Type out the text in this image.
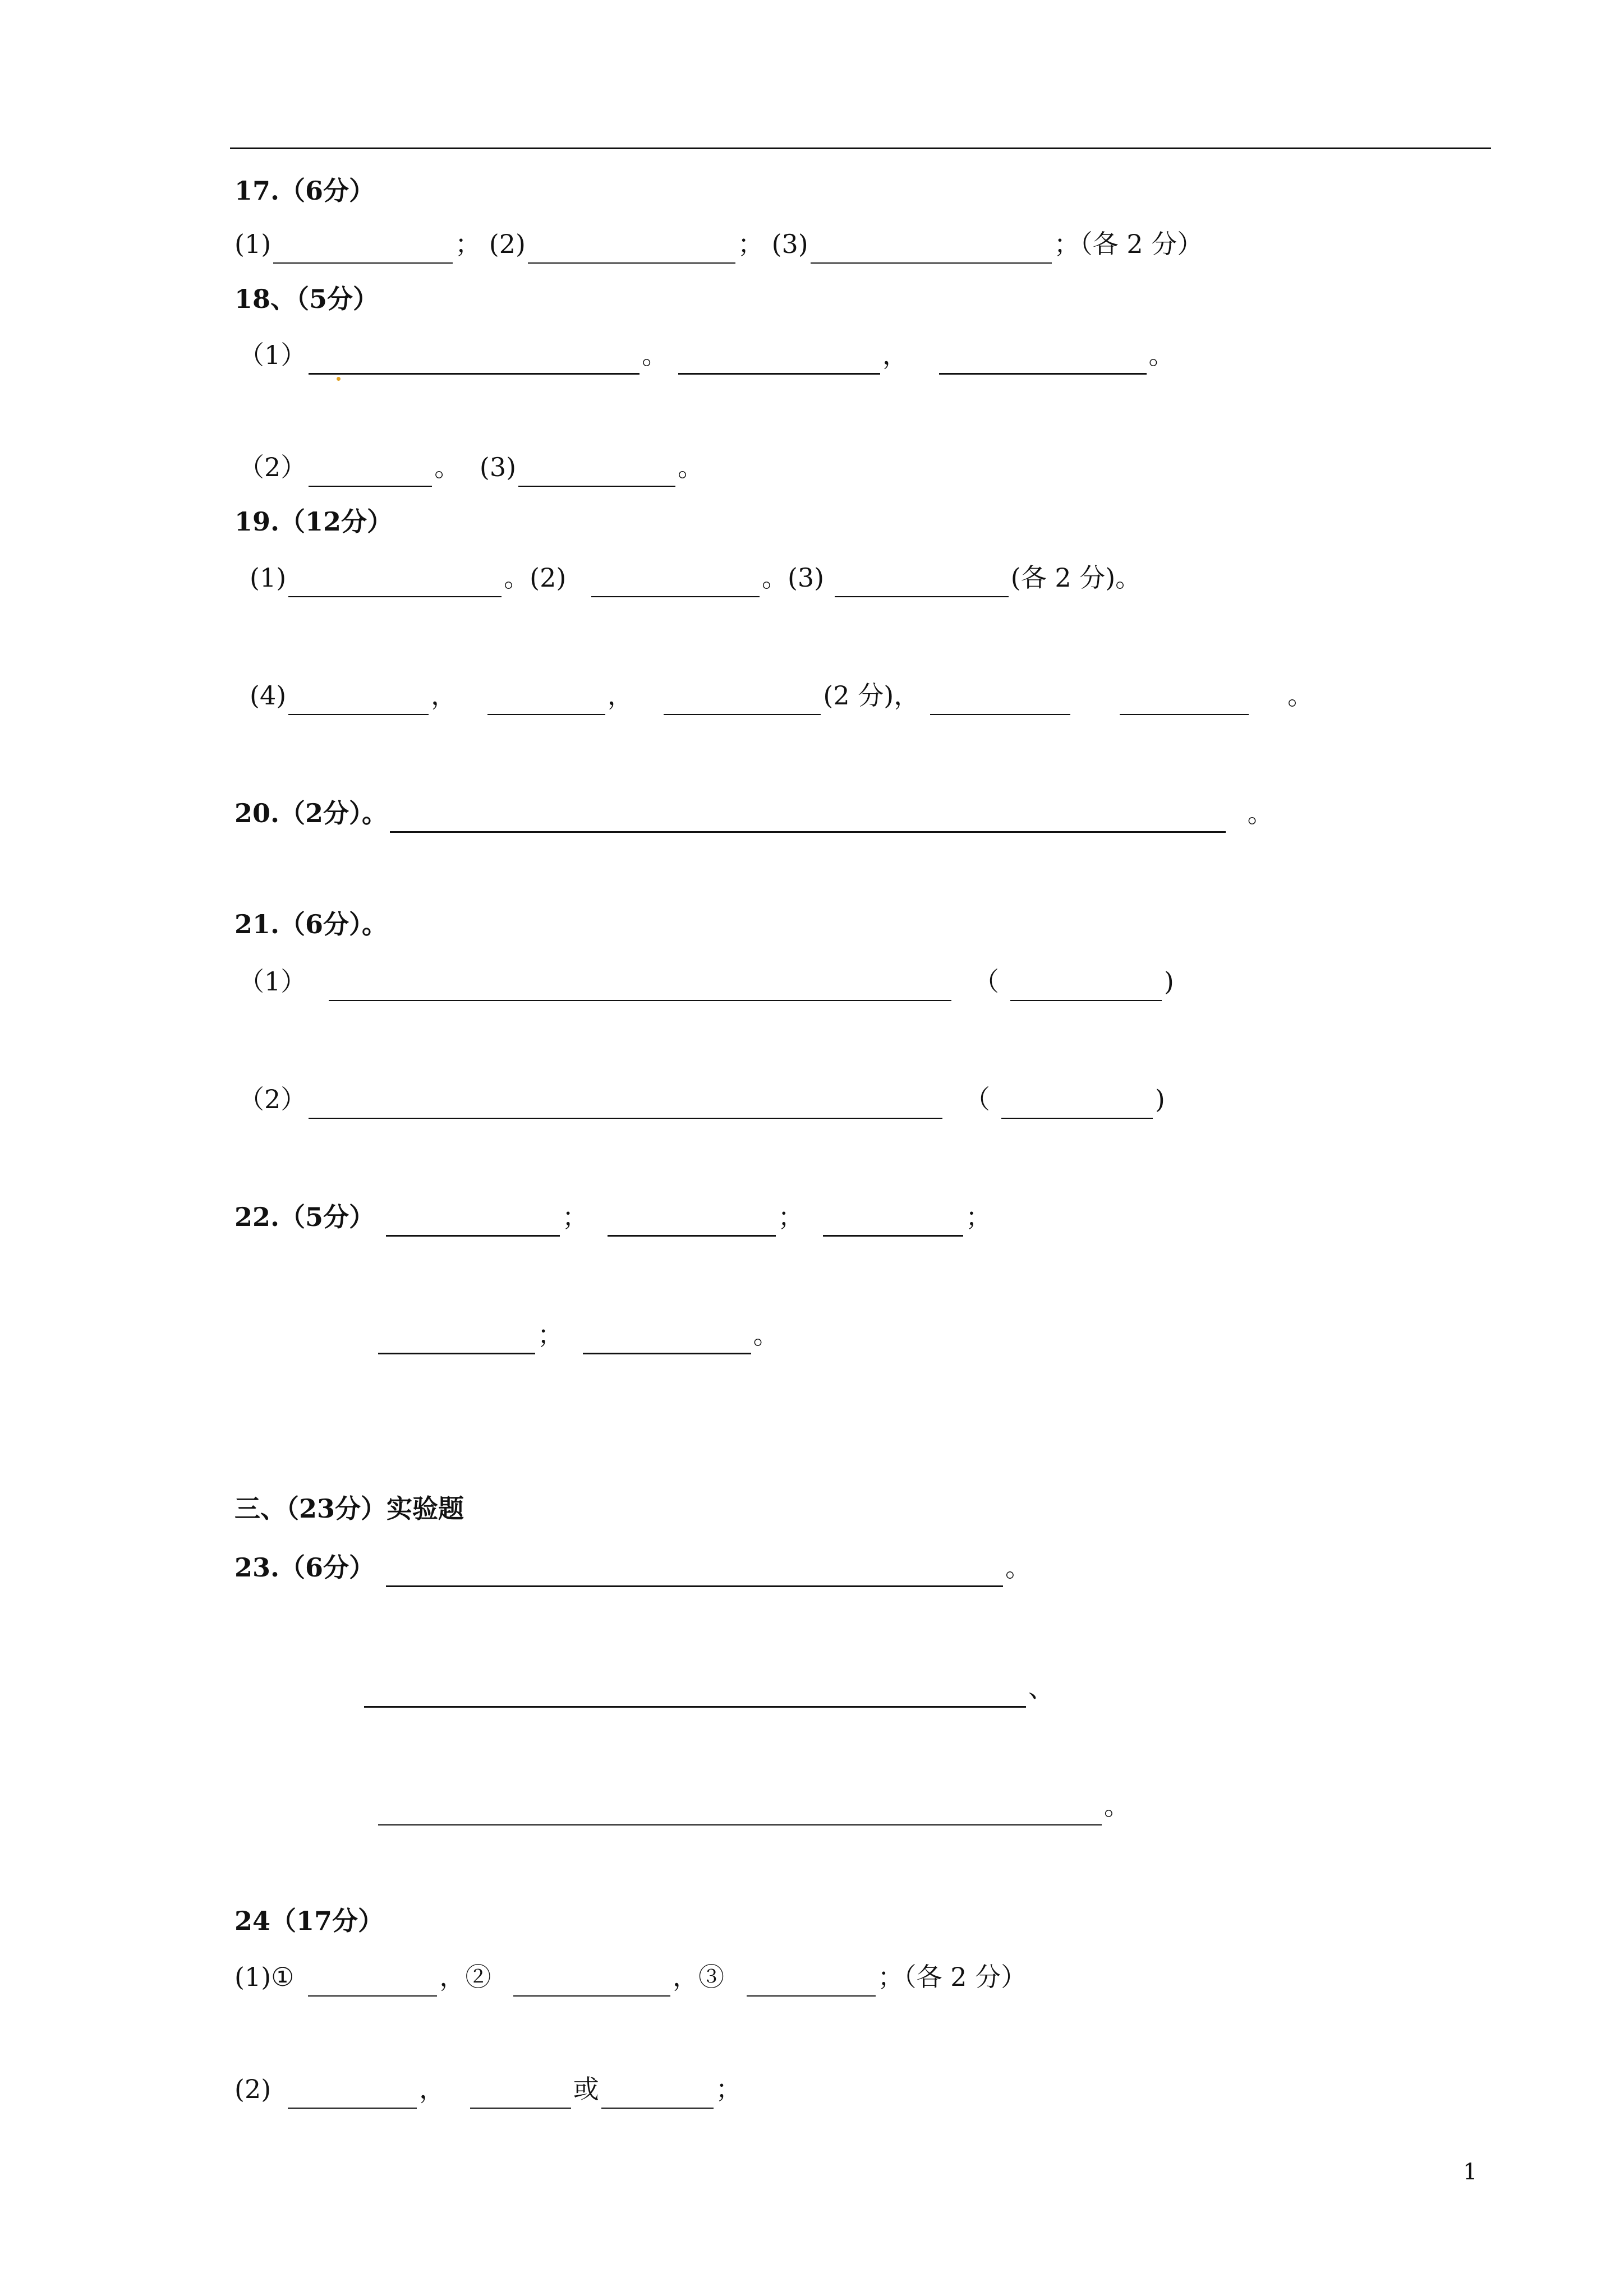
17.（6分）
(1)	； (2)	； (3)	；（各 2 分）
18、（5分）
（1）	。	，	。
（2）	。 (3)	。
19.（12分）
(1)	。(2)	。(3)	(各 2 分)。
(4)	，	，	(2 分)，	。
20.（2分）。	。
21.（6分）。
（1）	（	)
（2）	（	)
22.（5分）	；	；	；
；	。
三、（23分）实验题
23.（6分）	。
、
。
24（17分）
(1)①	，②	，③	；（各 2 分）
(2)	，	或	；
1
